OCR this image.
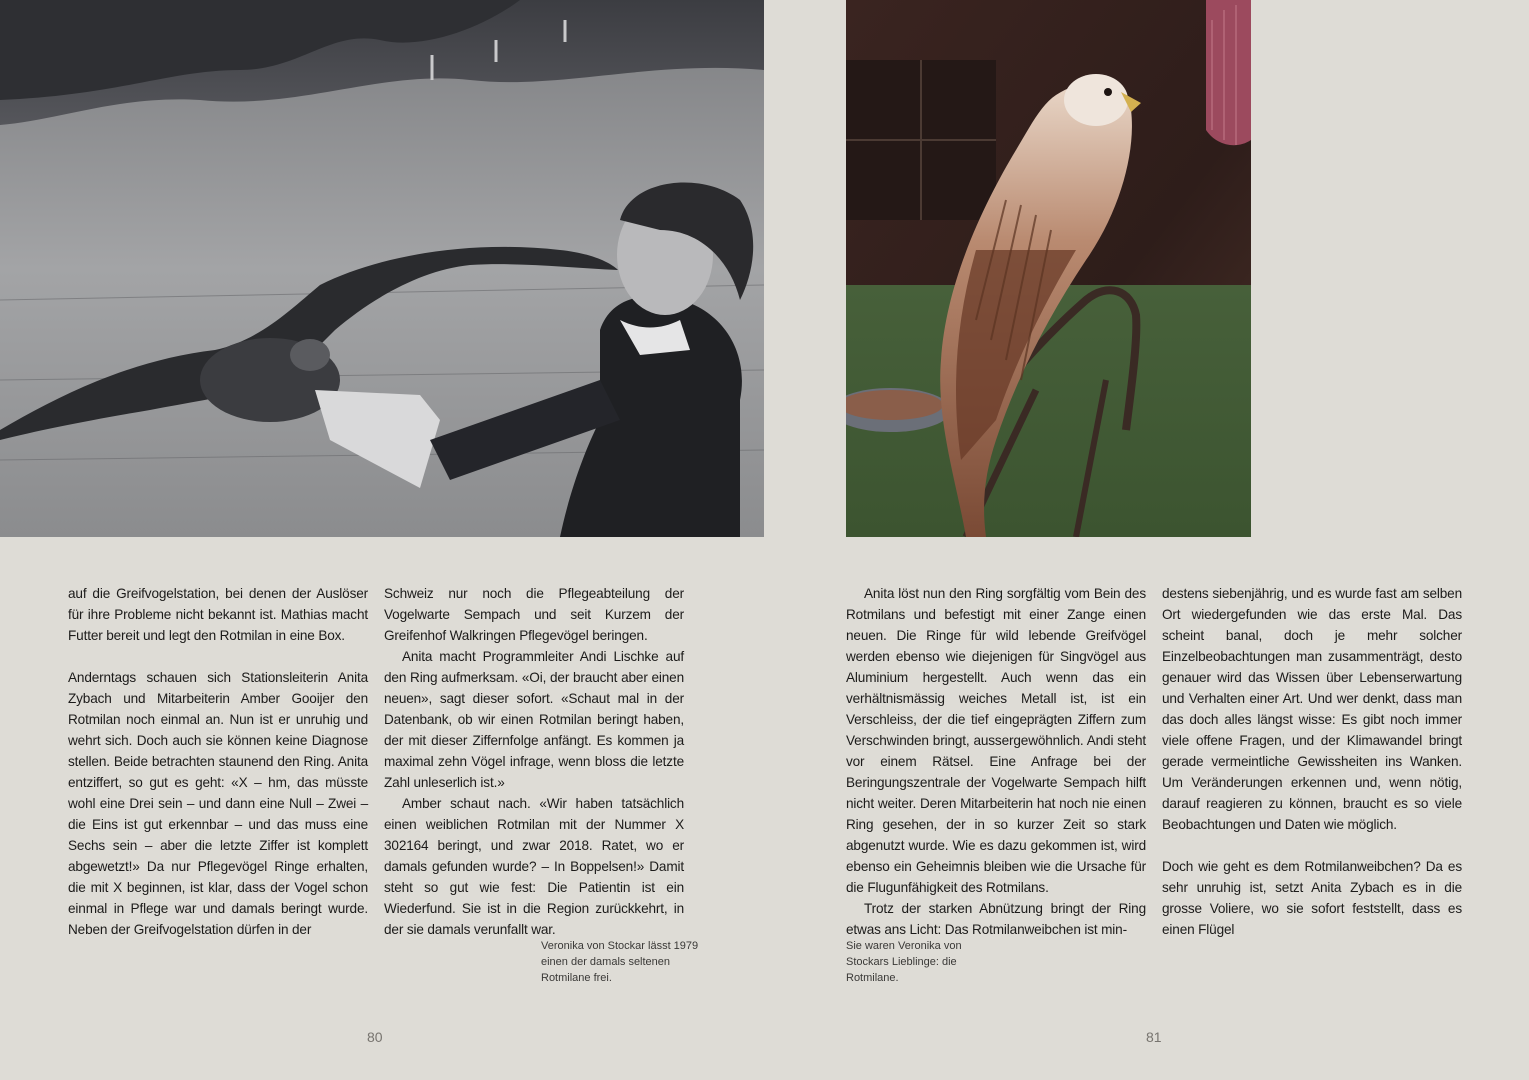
auf die Greifvogelstation, bei denen der Auslöser für ihre Probleme nicht bekannt ist. Mathias macht Futter bereit und legt den Rotmilan in eine Box.

Anderntags schauen sich Stationsleiterin Anita Zybach und Mitarbeiterin Amber Gooijer den Rotmilan noch einmal an. Nun ist er unruhig und wehrt sich. Doch auch sie können keine Diagnose stellen. Beide betrachten staunend den Ring. Anita entziffert, so gut es geht: «X – hm, das müsste wohl eine Drei sein – und dann eine Null – Zwei – die Eins ist gut erkennbar – und das muss eine Sechs sein – aber die letzte Ziffer ist komplett abgewetzt!» Da nur Pflegevögel Ringe erhalten, die mit X beginnen, ist klar, dass der Vogel schon einmal in Pflege war und damals beringt wurde. Neben der Greifvogelstation dürfen in der

Schweiz nur noch die Pflegeabteilung der Vogelwarte Sempach und seit Kurzem der Greifenhof Walkringen Pflegevögel beringen.

Anita macht Programmleiter Andi Lischke auf den Ring aufmerksam. «Oi, der braucht aber einen neuen», sagt dieser sofort. «Schaut mal in der Datenbank, ob wir einen Rotmilan beringt haben, der mit dieser Ziffernfolge anfängt. Es kommen ja maximal zehn Vögel infrage, wenn bloss die letzte Zahl unleserlich ist.»

Amber schaut nach. «Wir haben tatsächlich einen weiblichen Rotmilan mit der Nummer X 302164 beringt, und zwar 2018. Ratet, wo er damals gefunden wurde? – In Boppelsen!» Damit steht so gut wie fest: Die Patientin ist ein Wiederfund. Sie ist in die Region zurückkehrt, in der sie damals verunfallt war.

Anita löst nun den Ring sorgfältig vom Bein des Rotmilans und befestigt mit einer Zange einen neuen. Die Ringe für wild lebende Greifvögel werden ebenso wie diejenigen für Singvögel aus Aluminium hergestellt. Auch wenn das ein verhältnismässig weiches Metall ist, ist ein Verschleiss, der die tief eingeprägten Ziffern zum Verschwinden bringt, aussergewöhnlich. Andi steht vor einem Rätsel. Eine Anfrage bei der Beringungszentrale der Vogelwarte Sempach hilft nicht weiter. Deren Mitarbeiterin hat noch nie einen Ring gesehen, der in so kurzer Zeit so stark abgenutzt wurde. Wie es dazu gekommen ist, wird ebenso ein Geheimnis bleiben wie die Ursache für die Flugunfähigkeit des Rotmilans.

Trotz der starken Abnützung bringt der Ring etwas ans Licht: Das Rotmilanweibchen ist min-

destens siebenjährig, und es wurde fast am selben Ort wiedergefunden wie das erste Mal. Das scheint banal, doch je mehr solcher Einzelbeobachtungen man zusammenträgt, desto genauer wird das Wissen über Lebenserwartung und Verhalten einer Art. Und wer denkt, dass man das doch alles längst wisse: Es gibt noch immer viele offene Fragen, und der Klimawandel bringt gerade vermeintliche Gewissheiten ins Wanken. Um Veränderungen erkennen und, wenn nötig, darauf reagieren zu können, braucht es so viele Beobachtungen und Daten wie möglich.

Doch wie geht es dem Rotmilanweibchen? Da es sehr unruhig ist, setzt Anita Zybach es in die grosse Voliere, wo sie sofort feststellt, dass es einen Flügel

Veronika von Stockar lässt 1979 einen der damals seltenen Rotmilane frei.
Sie waren Veronika von Stockars Lieblinge: die Rotmilane.
80	81
